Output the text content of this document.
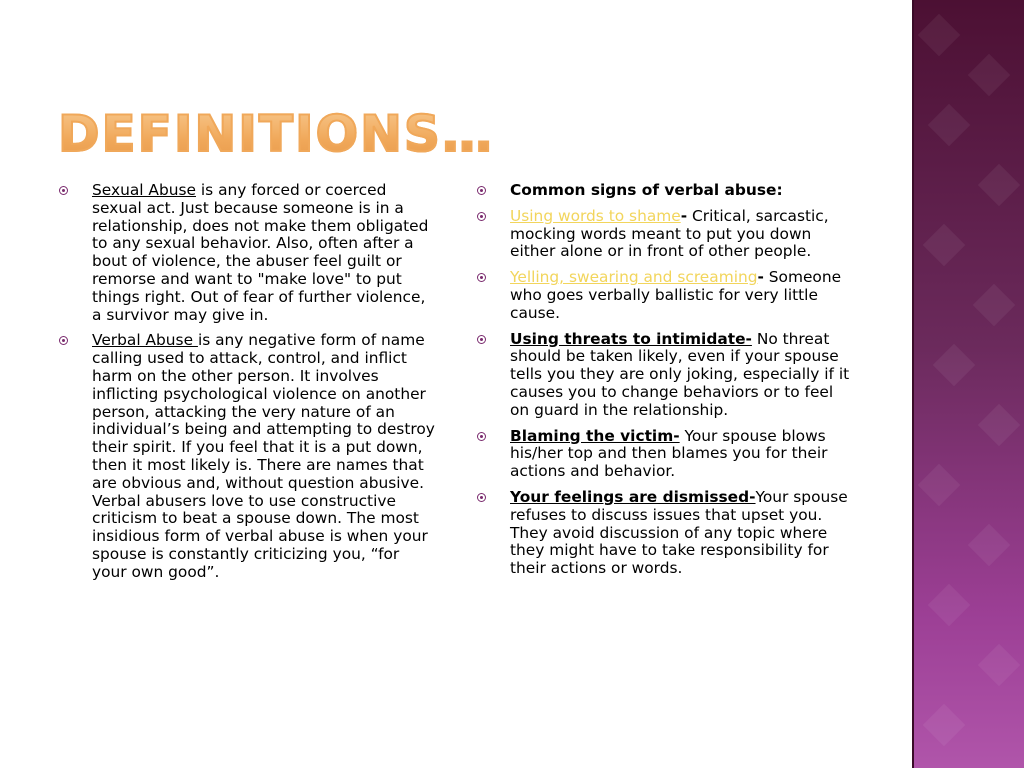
DEFINITIONS…
Sexual Abuse is any forced or coerced sexual act. Just because someone is in a relationship, does not make them obligated to any sexual behavior. Also, often after a bout of violence, the abuser feel guilt or remorse and want to "make love" to put things right. Out of fear of further violence, a survivor may give in.
Verbal Abuse is any negative form of name calling used to attack, control, and inflict harm on the other person. It involves inflicting psychological violence on another person, attacking the very nature of an individual’s being and attempting to destroy their spirit. If you feel that it is a put down, then it most likely is. There are names that are obvious and, without question abusive. Verbal abusers love to use constructive criticism to beat a spouse down. The most insidious form of verbal abuse is when your spouse is constantly criticizing you, “for your own good”.
Common signs of verbal abuse:
Using words to shame- Critical, sarcastic, mocking words meant to put you down either alone or in front of other people.
Yelling, swearing and screaming- Someone who goes verbally ballistic for very little cause.
Using threats to intimidate- No threat should be taken likely, even if your spouse tells you they are only joking, especially if it causes you to change behaviors or to feel on guard in the relationship.
Blaming the victim- Your spouse blows his/her top and then blames you for their actions and behavior.
Your feelings are dismissed-Your spouse refuses to discuss issues that upset you. They avoid discussion of any topic where they might have to take responsibility for their actions or words.
